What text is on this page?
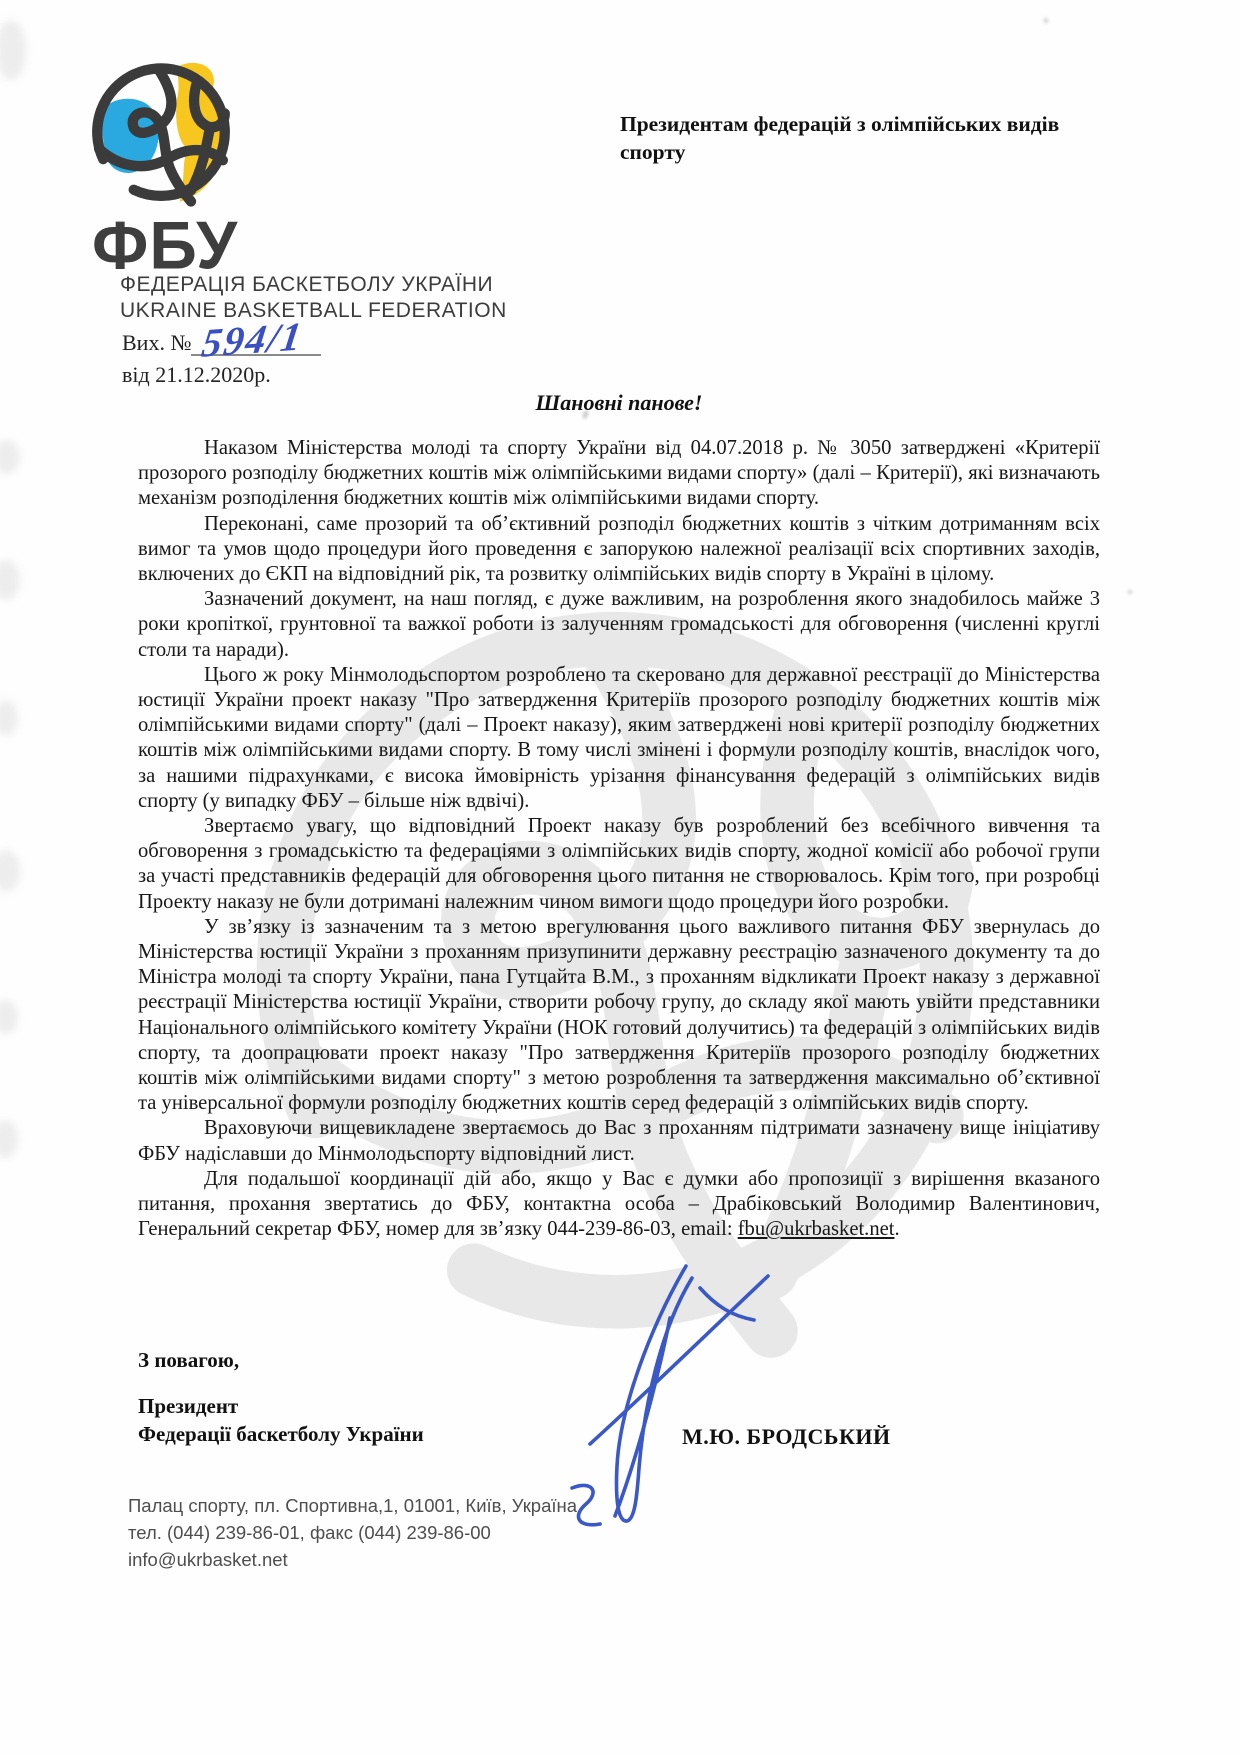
ФБУ
ФЕДЕРАЦІЯ БАСКЕТБОЛУ УКРАЇНИ
UKRAINE BASKETBALL FEDERATION
Вих. № 594/1
від 21.12.2020р.
Президентам федерацій з олімпійських видів спорту
Шановні панове!

Наказом Міністерства молоді та спорту України від 04.07.2018 р. № 3050 затверджені «Критерії прозорого розподілу бюджетних коштів між олімпійськими видами спорту» (далі – Критерії), які визначають механізм розподілення бюджетних коштів між олімпійськими видами спорту.

Переконані, саме прозорий та об’єктивний розподіл бюджетних коштів з чітким дотриманням всіх вимог та умов щодо процедури його проведення є запорукою належної реалізації всіх спортивних заходів, включених до ЄКП на відповідний рік, та розвитку олімпійських видів спорту в Україні в цілому.

Зазначений документ, на наш погляд, є дуже важливим, на розроблення якого знадобилось майже 3 роки кропіткої, грунтовної та важкої роботи із залученням громадськості для обговорення (численні круглі столи та наради).

Цього ж року Мінмолодьспортом розроблено та скеровано для державної реєстрації до Міністерства юстиції України проект наказу "Про затвердження Критеріїв прозорого розподілу бюджетних коштів між олімпійськими видами спорту" (далі – Проект наказу), яким затверджені нові критерії розподілу бюджетних коштів між олімпійськими видами спорту. В тому числі змінені і формули розподілу коштів, внаслідок чого, за нашими підрахунками, є висока ймовірність урізання фінансування федерацій з олімпійських видів спорту (у випадку ФБУ – більше ніж вдвічі).

Звертаємо увагу, що відповідний Проект наказу був розроблений без всебічного вивчення та обговорення з громадськістю та федераціями з олімпійських видів спорту, жодної комісії або робочої групи за участі представників федерацій для обговорення цього питання не створювалось. Крім того, при розробці Проекту наказу не були дотримані належним чином вимоги щодо процедури його розробки.

У зв’язку із зазначеним та з метою врегулювання цього важливого питання ФБУ звернулась до Міністерства юстиції України з проханням призупинити державну реєстрацію зазначеного документу та до Міністра молоді та спорту України, пана Гутцайта В.М., з проханням відкликати Проект наказу з державної реєстрації Міністерства юстиції України, створити робочу групу, до складу якої мають увійти представники Національного олімпійського комітету України (НОК готовий долучитись) та федерацій з олімпійських видів спорту, та доопрацювати проект наказу "Про затвердження Критеріїв прозорого розподілу бюджетних коштів між олімпійськими видами спорту" з метою розроблення та затвердження максимально об’єктивної та універсальної формули розподілу бюджетних коштів серед федерацій з олімпійських видів спорту.

Враховуючи вищевикладене звертаємось до Вас з проханням підтримати зазначену вище ініціативу ФБУ надіславши до Мінмолодьспорту відповідний лист.

Для подальшої координації дій або, якщо у Вас є думки або пропозиції з вирішення вказаного питання, прохання звертатись до ФБУ, контактна особа – Драбіковський Володимир Валентинович, Генеральний секретар ФБУ, номер для зв’язку 044-239-86-03, email: fbu@ukrbasket.net.

З повагою,
Президент
Федерації баскетболу України	М.Ю. БРОДСЬКИЙ
Палац спорту, пл. Спортивна,1, 01001, Київ, Україна
тел. (044) 239-86-01, факс (044) 239-86-00
info@ukrbasket.net
